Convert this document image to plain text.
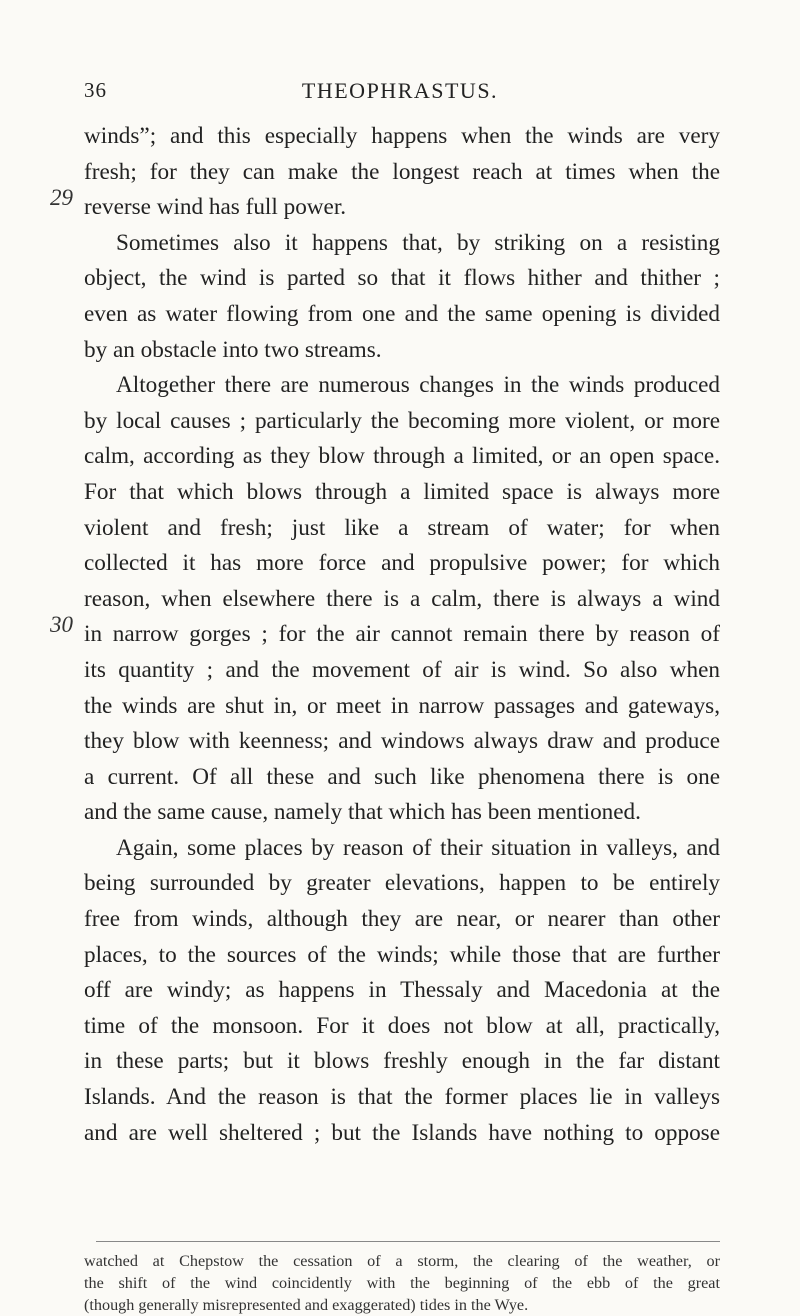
36	THEOPHRASTUS.
29
30
winds”; and this especially happens when the winds are very
fresh; for they can make the longest reach at times when the
reverse wind has full power.
Sometimes also it happens that, by striking on a resisting
object, the wind is parted so that it flows hither and thither ;
even as water flowing from one and the same opening is divided
by an obstacle into two streams.
Altogether there are numerous changes in the winds produced
by local causes ; particularly the becoming more violent, or more
calm, according as they blow through a limited, or an open space.
For that which blows through a limited space is always more
violent and fresh; just like a stream of water; for when
collected it has more force and propulsive power; for which
reason, when elsewhere there is a calm, there is always a wind
in narrow gorges ; for the air cannot remain there by reason of
its quantity ; and the movement of air is wind. So also when
the winds are shut in, or meet in narrow passages and gateways,
they blow with keenness; and windows always draw and produce
a current. Of all these and such like phenomena there is one
and the same cause, namely that which has been mentioned.
Again, some places by reason of their situation in valleys, and
being surrounded by greater elevations, happen to be entirely
free from winds, although they are near, or nearer than other
places, to the sources of the winds; while those that are further
off are windy; as happens in Thessaly and Macedonia at the
time of the monsoon. For it does not blow at all, practically,
in these parts; but it blows freshly enough in the far distant
Islands. And the reason is that the former places lie in valleys
and are well sheltered ; but the Islands have nothing to oppose
watched at Chepstow the cessation of a storm, the clearing of the weather, or
the shift of the wind coincidently with the beginning of the ebb of the great
(though generally misrepresented and exaggerated) tides in the Wye.
